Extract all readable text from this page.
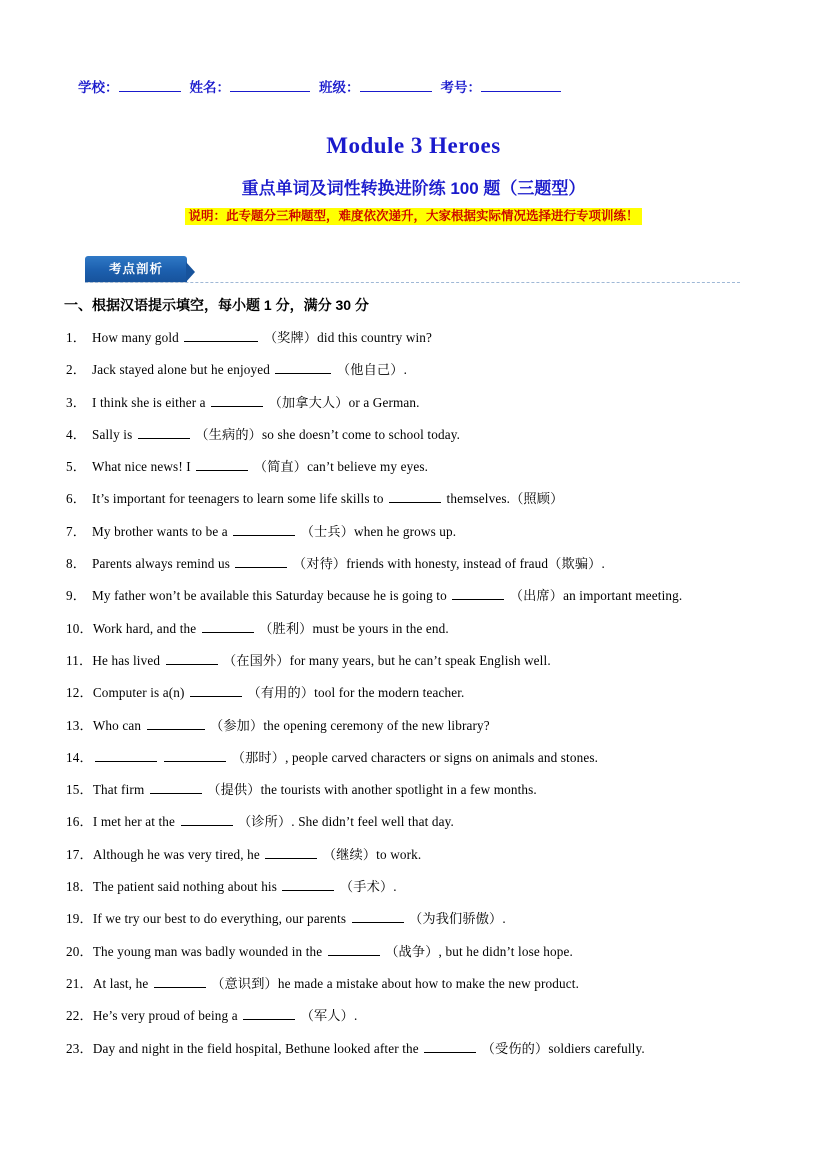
学校：	姓名：	班级：	考号：
Module 3 Heroes
重点单词及词性转换进阶练 100 题（三题型）
说明：此专题分三种题型，难度依次递升，大家根据实际情况选择进行专项训练！
考点剖析
一、根据汉语提示填空，每小题 1 分，满分 30 分
1． How many gold	（奖牌）did this country win?
2． Jack stayed alone but he enjoyed	（他自己）.
3． I think she is either a	（加拿大人）or a German.
4． Sally is	（生病的）so she doesn’t come to school today.
5． What nice news! I	（简直）can’t believe my eyes.
6． It’s important for teenagers to learn some life skills to	themselves.（照顾）
7． My brother wants to be a	（士兵）when he grows up.
8． Parents always remind us	（对待）friends with honesty, instead of fraud（欺骗）.
9． My father won’t be available this Saturday because he is going to	（出席）an important meeting.
10．Work hard, and the	（胜利）must be yours in the end.
11．He has lived	（在国外）for many years, but he can’t speak English well.
12．Computer is a(n)	（有用的）tool for the modern teacher.
13．Who can	（参加）the opening ceremony of the new library?
14．	（那时）, people carved characters or signs on animals and stones.
15．That firm	（提供）the tourists with another spotlight in a few months.
16．I met her at the	（诊所）. She didn’t feel well that day.
17．Although he was very tired, he	（继续）to work.
18．The patient said nothing about his	（手术）.
19．If we try our best to do everything, our parents	（为我们骄傲）.
20．The young man was badly wounded in the	（战争）, but he didn’t lose hope.
21．At last, he	（意识到）he made a mistake about how to make the new product.
22．He’s very proud of being a	（军人）.
23．Day and night in the field hospital, Bethune looked after the	（受伤的）soldiers carefully.
